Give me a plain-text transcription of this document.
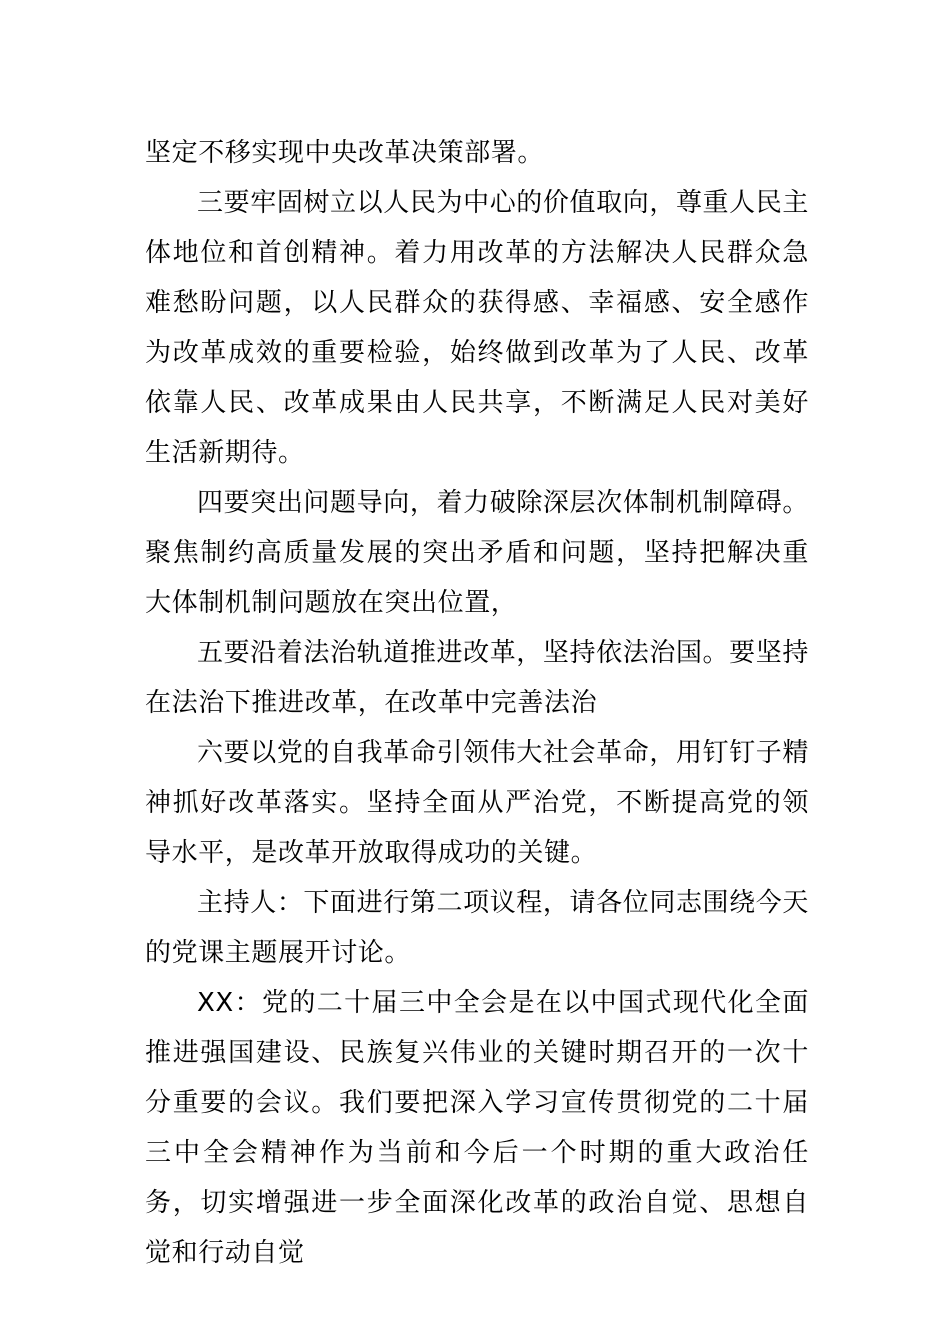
坚定不移实现中央改革决策部署。

三要牢固树立以人民为中心的价值取向，尊重人民主体地位和首创精神。着力用改革的方法解决人民群众急难愁盼问题，以人民群众的获得感、幸福感、安全感作为改革成效的重要检验，始终做到改革为了人民、改革依靠人民、改革成果由人民共享，不断满足人民对美好生活新期待。

四要突出问题导向，着力破除深层次体制机制障碍。聚焦制约高质量发展的突出矛盾和问题，坚持把解决重大体制机制问题放在突出位置，

五要沿着法治轨道推进改革，坚持依法治国。要坚持在法治下推进改革，在改革中完善法治

六要以党的自我革命引领伟大社会革命，用钉钉子精神抓好改革落实。坚持全面从严治党，不断提高党的领导水平，是改革开放取得成功的关键。

主持人：下面进行第二项议程，请各位同志围绕今天的党课主题展开讨论。

XX：党的二十届三中全会是在以中国式现代化全面推进强国建设、民族复兴伟业的关键时期召开的一次十分重要的会议。我们要把深入学习宣传贯彻党的二十届三中全会精神作为当前和今后一个时期的重大政治任务，切实增强进一步全面深化改革的政治自觉、思想自觉和行动自觉
